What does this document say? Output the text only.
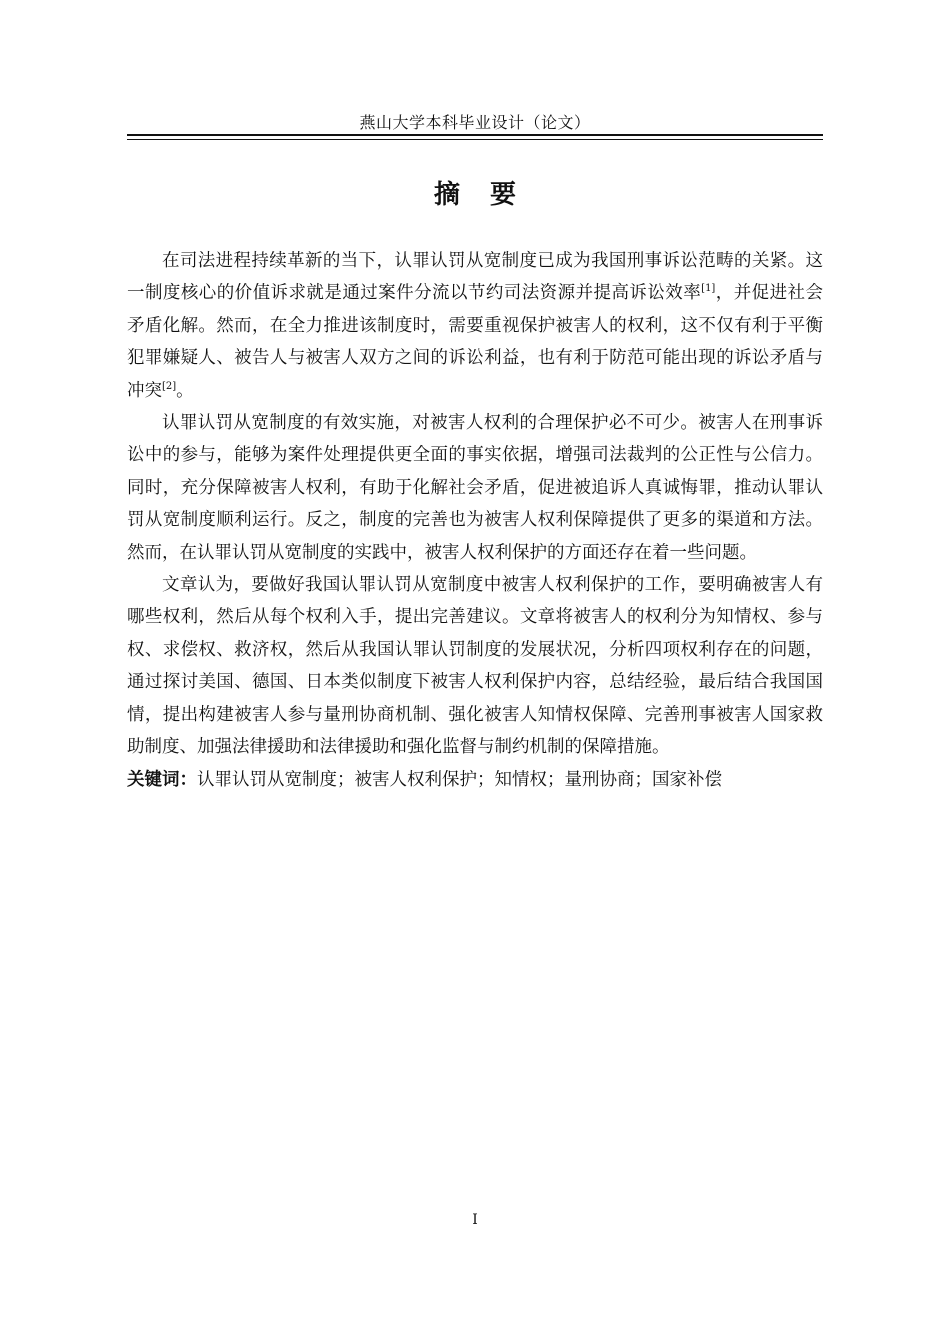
燕山大学本科毕业设计（论文）
摘要

在司法进程持续革新的当下，认罪认罚从宽制度已成为我国刑事诉讼范畴的关紧。这一制度核心的价值诉求就是通过案件分流以节约司法资源并提高诉讼效率[1]，并促进社会矛盾化解。然而，在全力推进该制度时，需要重视保护被害人的权利，这不仅有利于平衡犯罪嫌疑人、被告人与被害人双方之间的诉讼利益，也有利于防范可能出现的诉讼矛盾与冲突[2]。

认罪认罚从宽制度的有效实施，对被害人权利的合理保护必不可少。被害人在刑事诉讼中的参与，能够为案件处理提供更全面的事实依据，增强司法裁判的公正性与公信力。同时，充分保障被害人权利，有助于化解社会矛盾，促进被追诉人真诚悔罪，推动认罪认罚从宽制度顺利运行。反之，制度的完善也为被害人权利保障提供了更多的渠道和方法。然而，在认罪认罚从宽制度的实践中，被害人权利保护的方面还存在着一些问题。

文章认为，要做好我国认罪认罚从宽制度中被害人权利保护的工作，要明确被害人有哪些权利，然后从每个权利入手，提出完善建议。文章将被害人的权利分为知情权、参与权、求偿权、救济权，然后从我国认罪认罚制度的发展状况，分析四项权利存在的问题，通过探讨美国、德国、日本类似制度下被害人权利保护内容，总结经验，最后结合我国国情，提出构建被害人参与量刑协商机制、强化被害人知情权保障、完善刑事被害人国家救助制度、加强法律援助和法律援助和强化监督与制约机制的保障措施。

关键词：认罪认罚从宽制度；被害人权利保护；知情权；量刑协商；国家补偿

I
